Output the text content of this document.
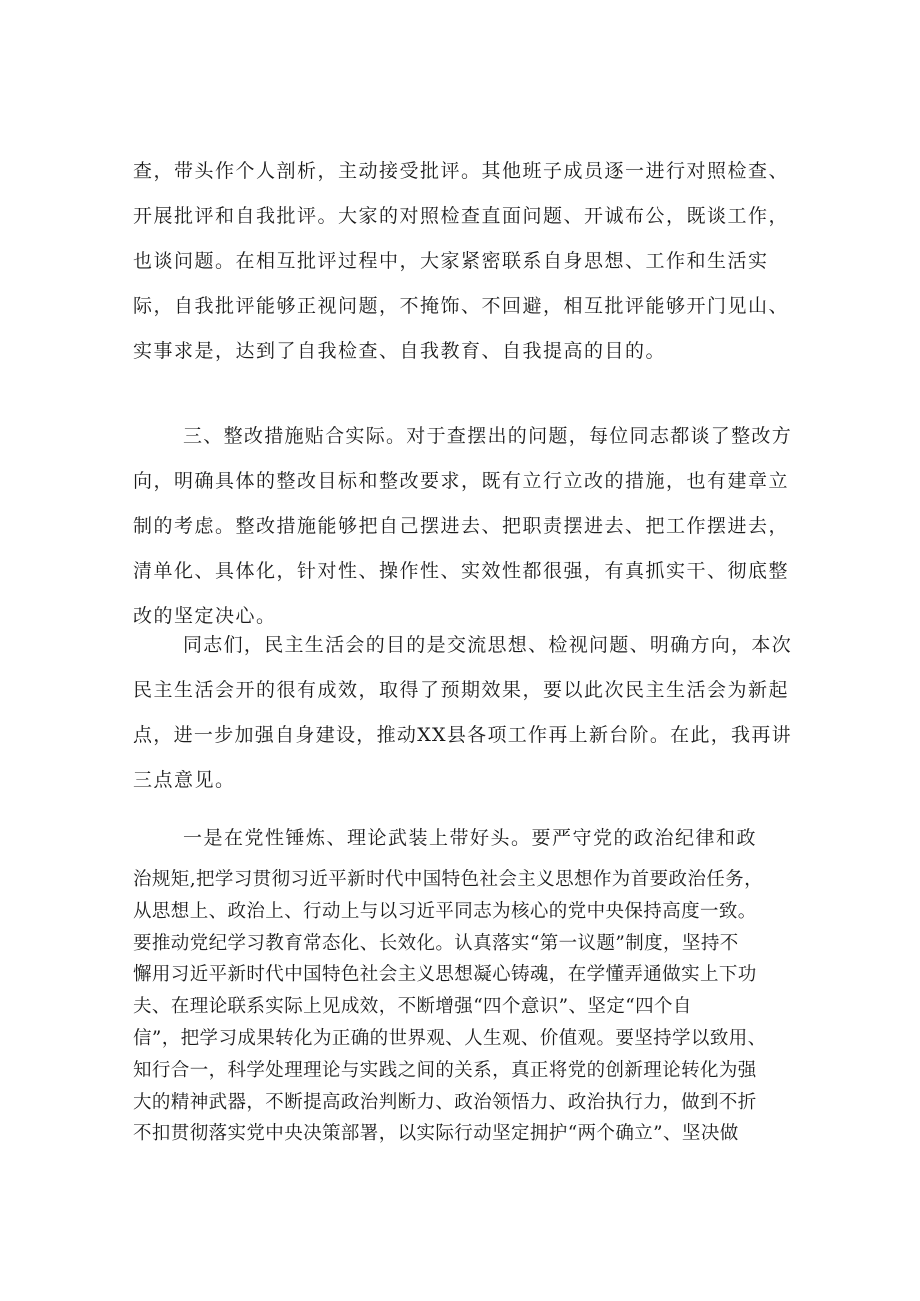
查，带头作个人剖析，主动接受批评。其他班子成员逐一进行对照检查、
开展批评和自我批评。大家的对照检查直面问题、开诚布公，既谈工作，
也谈问题。在相互批评过程中，大家紧密联系自身思想、工作和生活实
际，自我批评能够正视问题，不掩饰、不回避，相互批评能够开门见山、
实事求是，达到了自我检查、自我教育、自我提高的目的。

三、整改措施贴合实际。对于查摆出的问题，每位同志都谈了整改方
向，明确具体的整改目标和整改要求，既有立行立改的措施，也有建章立
制的考虑。整改措施能够把自己摆进去、把职责摆进去、把工作摆进去，
清单化、具体化，针对性、操作性、实效性都很强，有真抓实干、彻底整
改的坚定决心。

同志们，民主生活会的目的是交流思想、检视问题、明确方向，本次
民主生活会开的很有成效，取得了预期效果，要以此次民主生活会为新起
点，进一步加强自身建设，推动XX县各项工作再上新台阶。在此，我再讲
三点意见。

一是在党性锤炼、理论武装上带好头。要严守党的政治纪律和政

治规矩,把学习贯彻习近平新时代中国特色社会主义思想作为首要政治任务，
从思想上、政治上、行动上与以习近平同志为核心的党中央保持高度一致。
要推动党纪学习教育常态化、长效化。认真落实“第一议题”制度，坚持不
懈用习近平新时代中国特色社会主义思想凝心铸魂，在学懂弄通做实上下功
夫、在理论联系实际上见成效，不断增强“四个意识”、坚定“四个自
信”，把学习成果转化为正确的世界观、人生观、价值观。要坚持学以致用、
知行合一，科学处理理论与实践之间的关系，真正将党的创新理论转化为强
大的精神武器，不断提高政治判断力、政治领悟力、政治执行力，做到不折
不扣贯彻落实党中央决策部署，以实际行动坚定拥护“两个确立”、坚决做
